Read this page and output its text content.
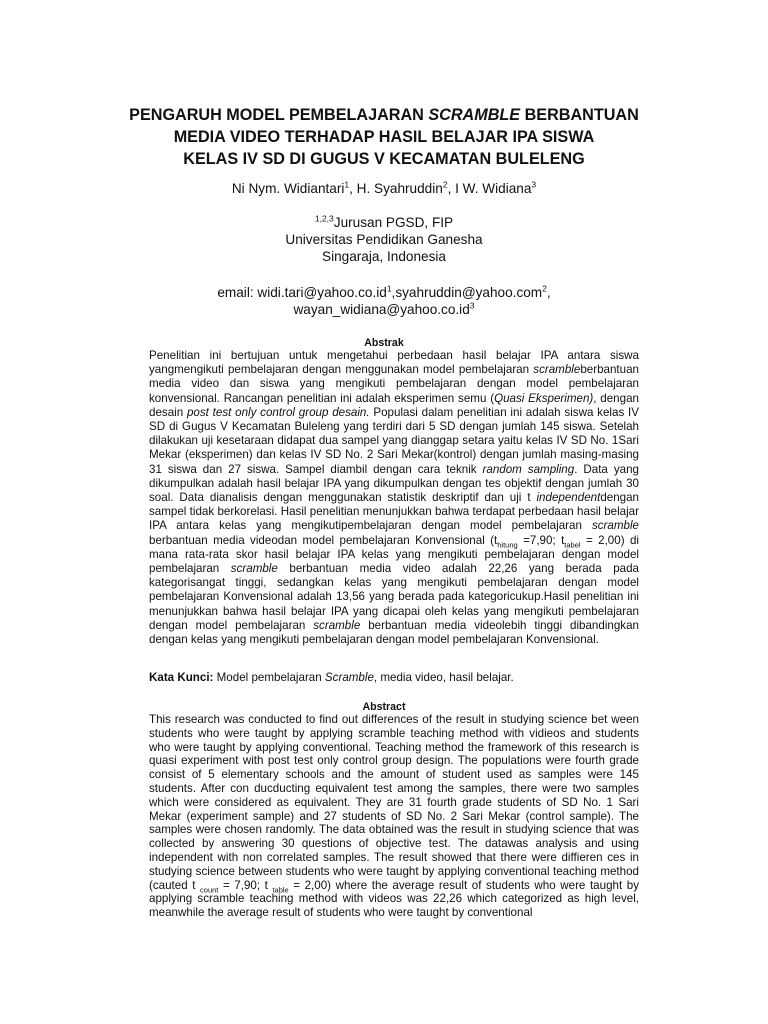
PENGARUH MODEL PEMBELAJARAN SCRAMBLE BERBANTUAN
MEDIA VIDEO TERHADAP HASIL BELAJAR IPA SISWA
KELAS IV SD DI GUGUS V KECAMATAN BULELENG
Ni Nym. Widiantari$^1$, H. Syahruddin$^2$, I W. Widiana$^3$
$^{1,2,3}$Jurusan PGSD, FIP
Universitas Pendidikan Ganesha
Singaraja, Indonesia
email: $widi.tari@yahoo.co.id^1,syahruddin@yahoo.com^2$,
$wayan\_widiana@yahoo.co.id^3$
Abstrak
Penelitian ini bertujuan untuk mengetahui perbedaan hasil belajar IPA antara siswa yangmengikuti pembelajaran dengan menggunakan model pembelajaran scrambleberbantuan media video dan siswa yang mengikuti pembelajaran dengan model pembelajaran konvensional. Rancangan penelitian ini adalah eksperimen semu (Quasi Eksperimen), dengan desain post test only control group desain. Populasi dalam penelitian ini adalah siswa kelas IV SD di Gugus V Kecamatan Buleleng yang terdiri dari 5 SD dengan jumlah 145 siswa. Setelah dilakukan uji kesetaraan didapat dua sampel yang dianggap setara yaitu kelas IV SD No. 1Sari Mekar (eksperimen) dan kelas IV SD No. 2 Sari Mekar(kontrol) dengan jumlah masing-masing 31 siswa dan 27 siswa. Sampel diambil dengan cara teknik random sampling. Data yang dikumpulkan adalah hasil belajar IPA yang dikumpulkan dengan tes objektif dengan jumlah 30 soal. Data dianalisis dengan menggunakan statistik deskriptif dan uji t independentdengan sampel tidak berkorelasi. Hasil penelitian menunjukkan bahwa terdapat perbedaan hasil belajar IPA antara kelas yang mengikutipembelajaran dengan model pembelajaran scramble berbantuan media videodan model pembelajaran Konvensional ($t_{hitung} =7,90$; $t_{tabel} = 2,00$) di mana rata-rata skor hasil belajar IPA kelas yang mengikuti pembelajaran dengan model pembelajaran scramble berbantuan media video adalah 22,26 yang berada pada kategorisangat tinggi, sedangkan kelas yang mengikuti pembelajaran dengan model pembelajaran Konvensional adalah 13,56 yang berada pada kategoricukup.Hasil penelitian ini menunjukkan bahwa hasil belajar IPA yang dicapai oleh kelas yang mengikuti pembelajaran dengan model pembelajaran scramble berbantuan media videolebih tinggi dibandingkan dengan kelas yang mengikuti pembelajaran dengan model pembelajaran Konvensional.
Kata Kunci: Model pembelajaran Scramble, media video, hasil belajar.
Abstract
This research was conducted to find out differences of the result in studying science bet ween students who were taught by applying scramble teaching method with vidieos and students who were taught by applying conventional. Teaching method the framework of this research is quasi experiment with post test only control group design. The populations were fourth grade consist of 5 elementary schools and the amount of student used as samples were 145 students. After con ducducting equivalent test among the samples, there were two samples which were considered as equivalent. They are 31 fourth grade students of SD No. 1 Sari Mekar (experiment sample) and 27 students of SD No. 2 Sari Mekar (control sample). The samples were chosen randomly. The data obtained was the result in studying science that was collected by answering 30 questions of objective test. The datawas analysis and using independent with non correlated samples. The result showed that there were diffieren ces in studying science between students who were taught by applying conventional teaching method (cauted t $_{count}$ = 7,90; t $_{table}$ = 2,00) where the average result of students who were taught by applying scramble teaching method with videos was 22,26 which categorized as high level, meanwhile the average result of students who were taught by conventional
